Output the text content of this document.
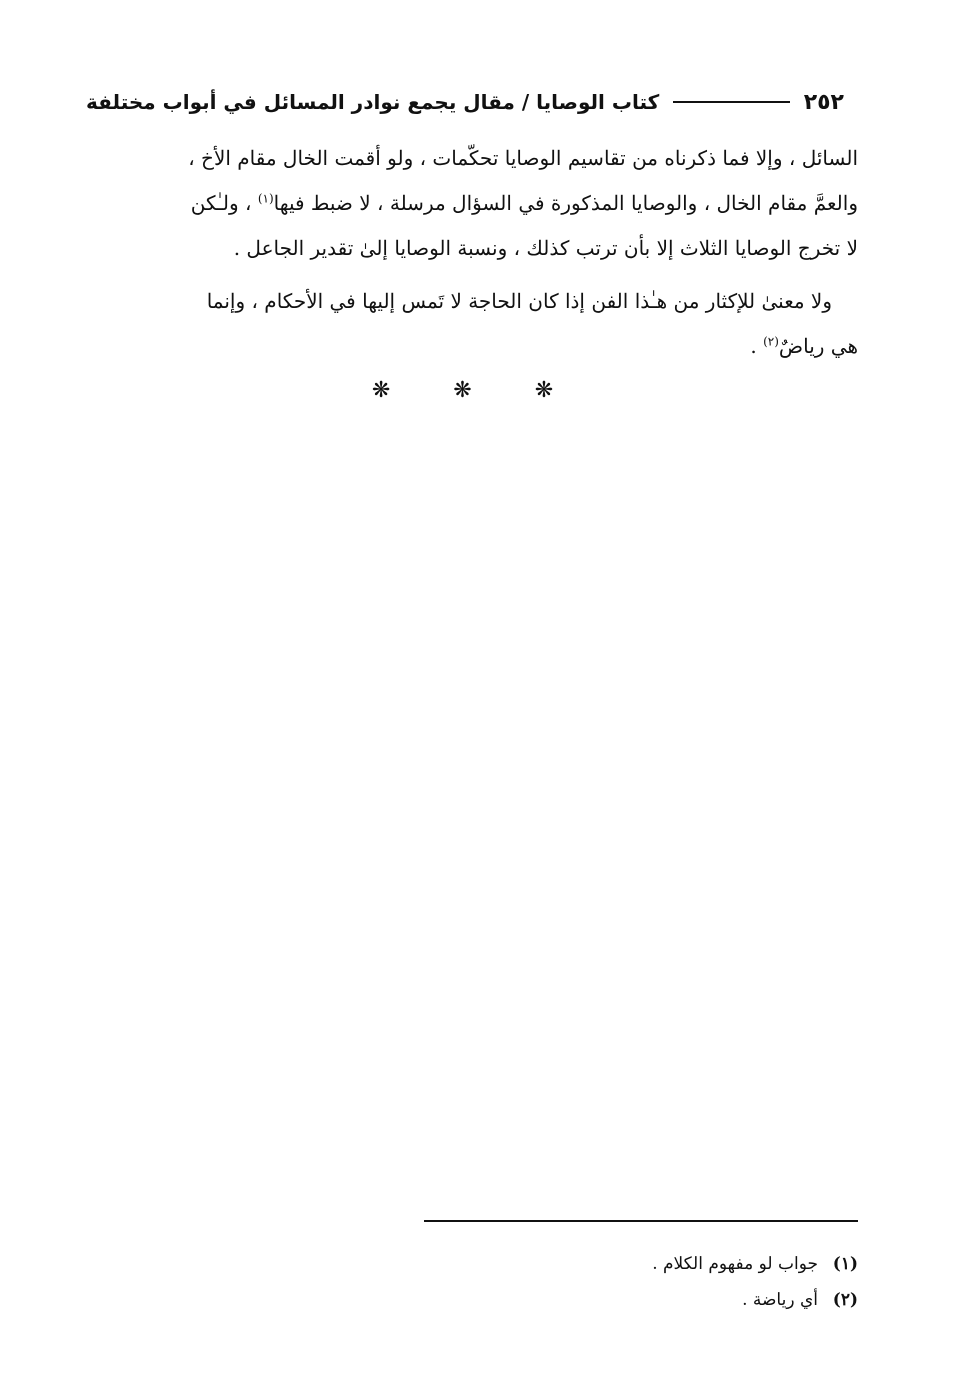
٢٥٢
كتاب الوصايا / مقال يجمع نوادر المسائل في أبواب مختلفة
السائل ، وإلا فما ذكرناه من تقاسيم الوصايا تحكّمات ، ولو أقمت الخال مقام الأخ ،
والعمَّ مقام الخال ، والوصايا المذكورة في السؤال مرسلة ، لا ضبط فيها$^{(١)}$ ، ولـٰكن
لا تخرج الوصايا الثلاث إلا بأن ترتب كذلك ، ونسبة الوصايا إلىٰ تقدير الجاعل .
ولا معنىٰ للإكثار من هـٰذا الفن إذا كان الحاجة لا تَمس إليها في الأحكام ، وإنما
هي رياضٌ$^{(٢)}$ .
❋ ❋ ❋
(١)
جواب لو مفهوم الكلام .
(٢)
أي رياضة .
